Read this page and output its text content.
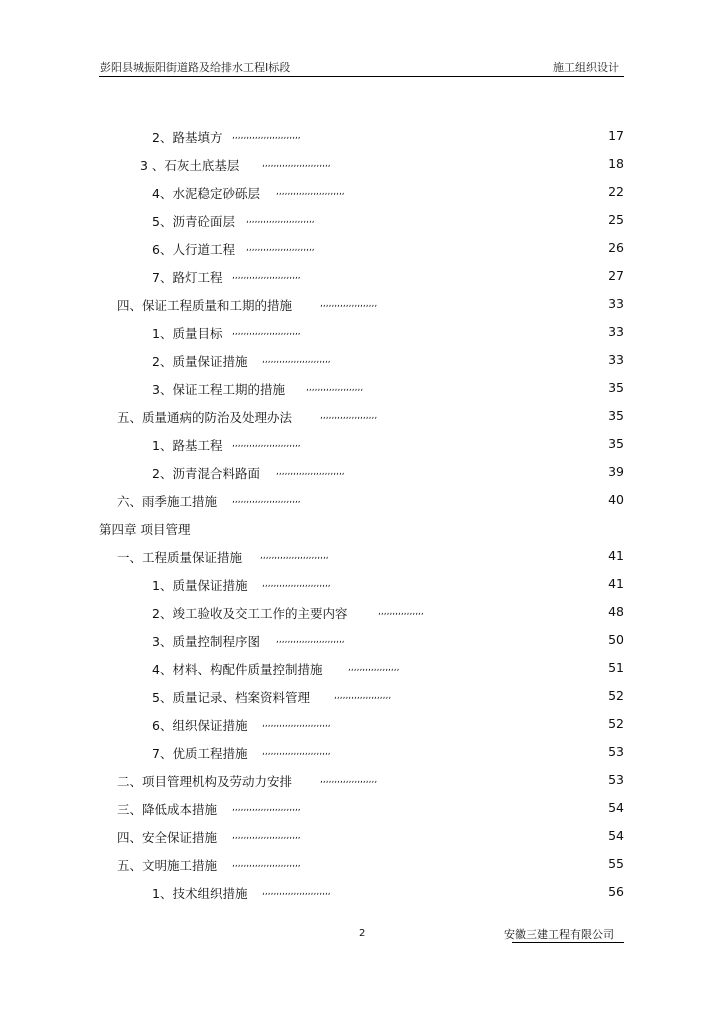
彭阳县城振阳街道路及给排水工程Ⅰ标段	施工组织设计
2、路基填方 ,,,,,,,,,,,,,,,,,,,,,,,,	17
3 、石灰土底基层	,,,,,,,,,,,,,,,,,,,,,,,,	18
4、水泥稳定砂砾层 ,,,,,,,,,,,,,,,,,,,,,,,,	22
5、沥青砼面层 ,,,,,,,,,,,,,,,,,,,,,,,,	25
6、人行道工程 ,,,,,,,,,,,,,,,,,,,,,,,,	26
7、路灯工程 ,,,,,,,,,,,,,,,,,,,,,,,,	27
四、保证工程质量和工期的措施	,,,,,,,,,,,,,,,,,,,,	33
1、质量目标 ,,,,,,,,,,,,,,,,,,,,,,,,	33
2、质量保证措施 ,,,,,,,,,,,,,,,,,,,,,,,,	33
3、保证工程工期的措施 ,,,,,,,,,,,,,,,,,,,,	35
五、质量通病的防治及处理办法	,,,,,,,,,,,,,,,,,,,,	35
1、路基工程 ,,,,,,,,,,,,,,,,,,,,,,,,	35
2、沥青混合料路面 ,,,,,,,,,,,,,,,,,,,,,,,,	39
六、雨季施工措施 ,,,,,,,,,,,,,,,,,,,,,,,,	40
第四章 项目管理
一、工程质量保证措施 ,,,,,,,,,,,,,,,,,,,,,,,,	41
1、质量保证措施 ,,,,,,,,,,,,,,,,,,,,,,,,	41
2、竣工验收及交工工作的主要内容	,,,,,,,,,,,,,,,,	48
3、质量控制程序图 ,,,,,,,,,,,,,,,,,,,,,,,,	50
4、材料、构配件质量控制措施	,,,,,,,,,,,,,,,,,,	51
5、质量记录、档案资料管理	,,,,,,,,,,,,,,,,,,,,	52
6、组织保证措施 ,,,,,,,,,,,,,,,,,,,,,,,,	52
7、优质工程措施 ,,,,,,,,,,,,,,,,,,,,,,,,	53
二、项目管理机构及劳动力安排	,,,,,,,,,,,,,,,,,,,,	53
三、降低成本措施 ,,,,,,,,,,,,,,,,,,,,,,,,	54
四、安全保证措施 ,,,,,,,,,,,,,,,,,,,,,,,,	54
五、文明施工措施 ,,,,,,,,,,,,,,,,,,,,,,,,	55
1、技术组织措施 ,,,,,,,,,,,,,,,,,,,,,,,,	56
2	安徽三建工程有限公司
